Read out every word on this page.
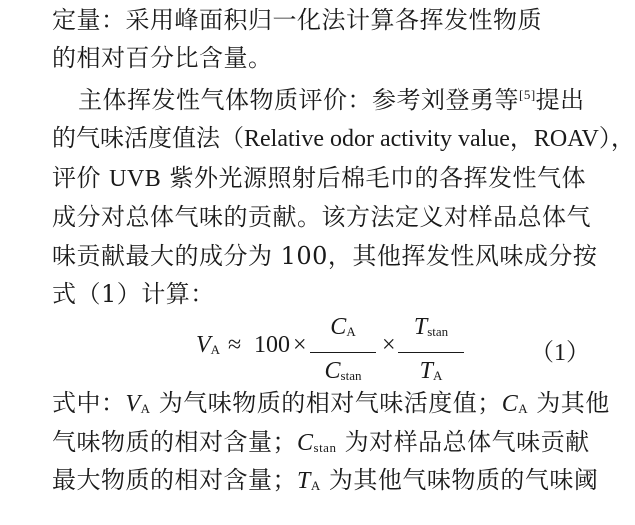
定量：采用峰面积归一化法计算各挥发性物质
的相对百分比含量。
主体挥发性气体物质评价：参考刘登勇等[5]提出
的气味活度值法（Relative odor activity value，ROAV），
评价 UVB 紫外光源照射后棉毛巾的各挥发性气体
成分对总体气味的贡献。该方法定义对样品总体气
味贡献最大的成分为 100，其他挥发性风味成分按
式（1）计算：
$V_A \approx 100$ ×
$C_A$
$C_{stan}$
×
$T_{stan}$
$T_A$
（1）
式中：$V_A$ 为气味物质的相对气味活度值；$C_A$ 为其他
气味物质的相对含量；$C_{stan}$ 为对样品总体气味贡献
最大物质的相对含量；$T_A$ 为其他气味物质的气味阈
